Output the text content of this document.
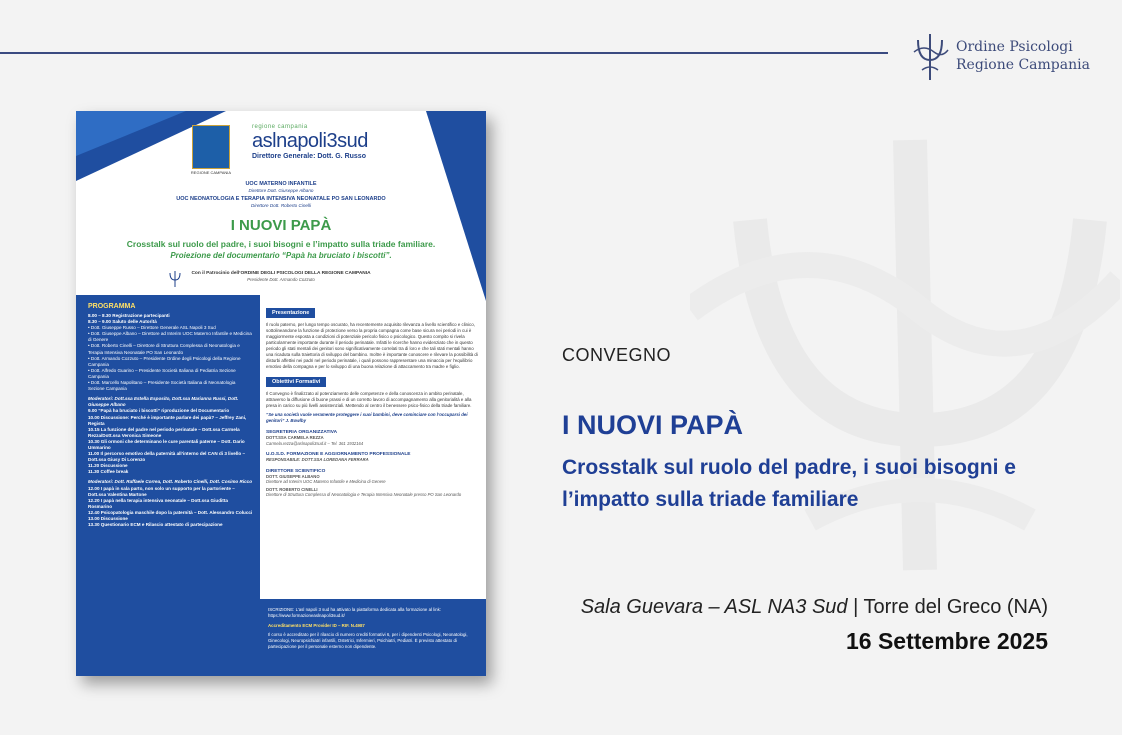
Ordine Psicologi
Regione Campania
REGIONE CAMPANIA
regione campania
aslnapoli3sud
Direttore Generale: Dott. G. Russo
UOC MATERNO INFANTILE
Direttore Dott. Giuseppe Albano
UOC NEONATOLOGIA E TERAPIA INTENSIVA NEONATALE PO SAN LEONARDO
Direttore Dott. Roberto Cinelli
I NUOVI PAPÀ
Crosstalk sul ruolo del padre, i suoi bisogni e l’impatto sulla triade familiare.
Proiezione del documentario “Papà ha bruciato i biscotti”.
Con il Patrocinio dell’ORDINE DEGLI PSICOLOGI DELLA REGIONE CAMPANIA
Presidente Dott. Armando Cozzuto
PROGRAMMA
8.00 – 8.30 Registrazione partecipanti
8.30 – 9.00 Saluto delle Autorità
• Dott. Giuseppe Russo – Direttore Generale ASL Napoli 3 Sud
• Dott. Giuseppe Albano – Direttore ad Interim UOC Materno Infantile e Medicina di Genere
• Dott. Roberto Cinelli – Direttore di Struttura Complessa di Neonatologia e Terapia Intensiva Neonatale PO San Leonardo
• Dott. Armando Cozzuto – Presidente Ordine degli Psicologi della Regione Campania
• Dott. Alfredo Guarino – Presidente Società Italiana di Pediatria Sezione Campania
• Dott. Marcello Napolitano – Presidente Società Italiana di Neonatologia Sezione Campania
Moderatori: Dott.ssa Estella Esposito, Dott.ssa Marianna Russi, Dott. Giuseppe Albano
9.00 “Papà ha bruciato i biscotti” riproduzione del Documentario
10.00 Discussione: Perché è importante parlare dei papà? – Jeffrey Zani, Regista
10.15 La funzione del padre nel periodo perinatale – Dott.ssa Carmela Rezza/Dott.ssa Veronica Simeone
10.30 Gli ormoni che determinano le cure parentali paterne – Dott. Dario Ummarino
11.00 Il percorso emotivo della paternità all’interno del CAN di 3 livello – Dott.ssa Giusy Di Lorenzo
11.20 Discussione
11.30 Coffee break
Moderatori: Dott. Raffaele Correa, Dott. Roberto Cinelli, Dott. Cosimo Ricco
12.00 I papà in sala parto, non solo un supporto per la partoriente – Dott.ssa Valentina Martone
12.20 I papà nella terapia intensiva neonatale – Dott.ssa Giuditta Rosmarino
12.40 Psicopatologia maschile dopo la paternità – Dott. Alessandro Colucci
13.00 Discussione
13.30 Questionario ECM e Rilascio attestato di partecipazione
Presentazione
Il ruolo paterno, per lungo tempo oscurato, ha recentemente acquisito rilevanza a livello scientifico e clinico, sottolineandone la funzione di protezione verso la propria compagna come base sicura nei periodi in cui è maggiormente esposta a condizioni di potenziale pericolo fisico o psicologico. Questo compito si rivela particolarmente importante durante il periodo perinatale. Infatti le ricerche hanno evidenziato che in questo periodo gli stati mentali dei genitori sono significativamente correlati tra di loro e che tali stati mentali hanno una ricaduta sulla traiettoria di sviluppo del bambino. Inoltre è importante conoscere e rilevare la possibilità di disturbi affettivi nei padri nel periodo perinatale, i quali possono rappresentare una minaccia per l’equilibrio emotivo della compagna e per lo sviluppo di una buona relazione di attaccamento tra madre e figlio.
Obiettivi Formativi
Il Convegno è finalizzato al potenziamento delle competenze e della conoscenza in ambito perinatale, attraverso la diffusione di buone prassi e di un corretto lavoro di accompagnamento alla genitorialità e alla presa in carico su più livelli assistenziali. Mettendo al centro il benessere psico-fisico della triade familiare.
“Se una società vuole veramente proteggere i suoi bambini, deve cominciare con l’occuparsi dei genitori” J. Bowlby
SEGRETERIA ORGANIZZATIVA
DOTT.SSA CARMELA REZZA
Carmela.rezza@aslnapoli3sud.it – Tel. 361 1932164
U.O.S.D. FORMAZIONE E AGGIORNAMENTO PROFESSIONALE
RESPONSABILE: DOTT.SSA LOREDANA FERRARA
DIRETTORE SCIENTIFICO
DOTT. GIUSEPPE ALBANO
Direttore ad Interim UOC Materno Infantile e Medicina di Genere
DOTT. ROBERTO CINELLI
Direttore di Struttura Complessa di Neonatologia e Terapia Intensiva Neonatale presso PO San Leonardo
ISCRIZIONE: L’asl napoli 3 sud ha attivato la piattaforma dedicata alla formazione al link: https://www.formazioneaslnapoli3sud.it/
Accreditamento ECM Provider ID – RIF. N.4987
Il corso è accreditato per il rilascio di numero crediti formativi 6, per i dipendenti Psicologi, Neonatologi, Ginecologi, Neuropsichiatri infantili, Ostetrici, Infermieri, Psichiatri, Pediatri. È previsto attestato di partecipazione per il personale esterno non dipendente.
CONVEGNO
I NUOVI PAPÀ
Crosstalk sul ruolo del padre, i suoi bisogni e l’impatto sulla triade familiare
Sala Guevara – ASL NA3 Sud | Torre del Greco (NA)
16 Settembre 2025
